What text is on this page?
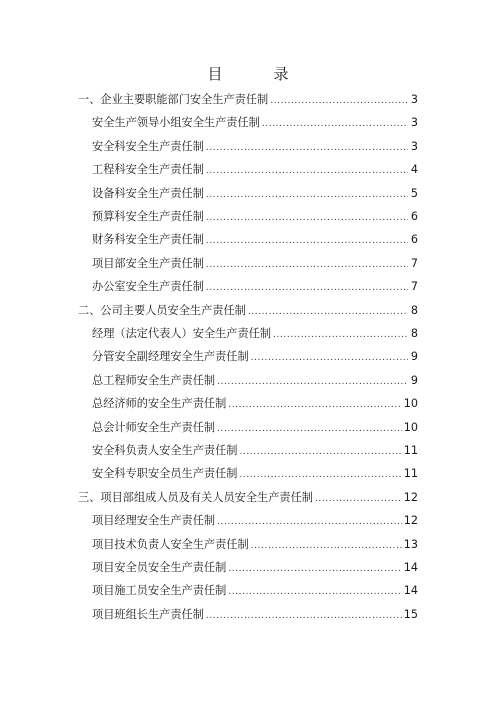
目　录
一、企业主要职能部门安全生产责任制 .....	3
安全生产领导小组安全生产责任制 .....	3
安全科安全生产责任制 .....	3
工程科安全生产责任制 .....	4
设备科安全生产责任制 .....	5
预算科安全生产责任制 .....	6
财务科安全生产责任制 .....	6
项目部安全生产责任制 .....	7
办公室安全生产责任制 .....	7
二、公司主要人员安全生产责任制 .....	8
经理（法定代表人）安全生产责任制 .....	8
分管安全副经理安全生产责任制 .....	9
总工程师安全生产责任制 .....	9
总经济师的安全生产责任制 .....	10
总会计师安全生产责任制 .....	10
安全科负责人安全生产责任制 .....	11
安全科专职安全员生产责任制 .....	11
三、项目部组成人员及有关人员安全生产责任制 .....	12
项目经理安全生产责任制 .....	12
项目技术负责人安全生产责任制 .....	13
项目安全员安全生产责任制 .....	14
项目施工员安全生产责任制 .....	14
项目班组长生产责任制 .....	15
